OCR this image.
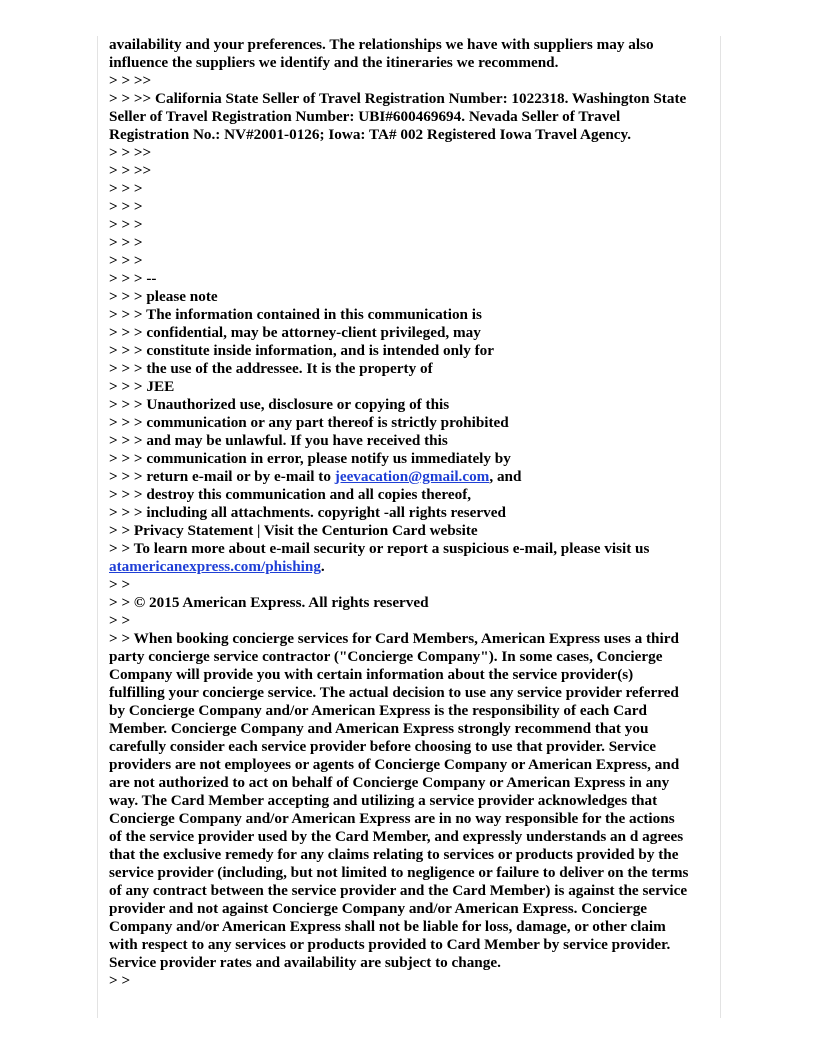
availability and your preferences. The relationships we have with suppliers may also influence the suppliers we identify and the itineraries we recommend.
> > >>
> > >> California State Seller of Travel Registration Number: 1022318. Washington State Seller of Travel Registration Number: UBI#600469694. Nevada Seller of Travel Registration No.: NV#2001-0126; Iowa: TA# 002 Registered Iowa Travel Agency.
> > >>
> > >>
> > >
> > >
> > >
> > >
> > >
> > > --
> > > please note
> > > The information contained in this communication is
> > > confidential, may be attorney-client privileged, may
> > > constitute inside information, and is intended only for
> > > the use of the addressee. It is the property of
> > > JEE
> > > Unauthorized use, disclosure or copying of this
> > > communication or any part thereof is strictly prohibited
> > > and may be unlawful. If you have received this
> > > communication in error, please notify us immediately by
> > > return e-mail or by e-mail to jeevacation@gmail.com, and
> > > destroy this communication and all copies thereof,
> > > including all attachments. copyright -all rights reserved
> > Privacy Statement | Visit the Centurion Card website
> > To learn more about e-mail security or report a suspicious e-mail, please visit us atamericanexpress.com/phishing.
> >
> > © 2015 American Express. All rights reserved
> >
> > When booking concierge services for Card Members, American Express uses a third party concierge service contractor ("Concierge Company"). In some cases, Concierge Company will provide you with certain information about the service provider(s) fulfilling your concierge service. The actual decision to use any service provider referred by Concierge Company and/or American Express is the responsibility of each Card Member. Concierge Company and American Express strongly recommend that you carefully consider each service provider before choosing to use that provider. Service providers are not employees or agents of Concierge Company or American Express, and are not authorized to act on behalf of Concierge Company or American Express in any way. The Card Member accepting and utilizing a service provider acknowledges that Concierge Company and/or American Express are in no way responsible for the actions of the service provider used by the Card Member, and expressly understands an d agrees that the exclusive remedy for any claims relating to services or products provided by the service provider (including, but not limited to negligence or failure to deliver on the terms of any contract between the service provider and the Card Member) is against the service provider and not against Concierge Company and/or American Express. Concierge Company and/or American Express shall not be liable for loss, damage, or other claim with respect to any services or products provided to Card Member by service provider. Service provider rates and availability are subject to change.
> >
